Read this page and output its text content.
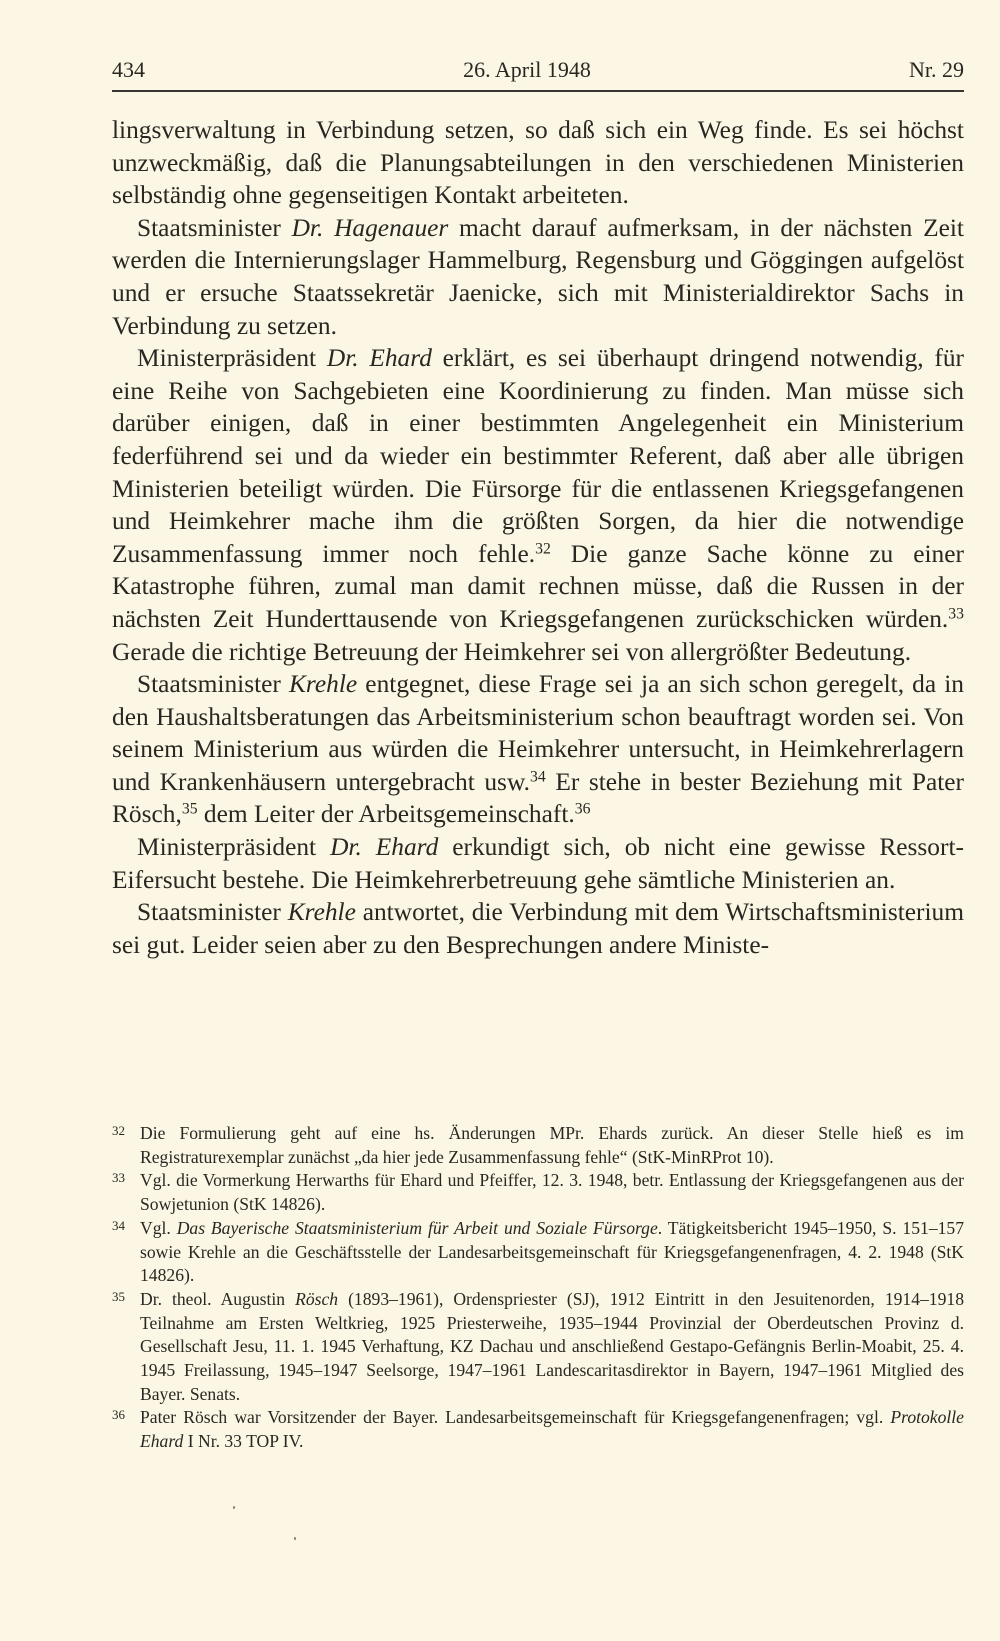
434	26. April 1948	Nr. 29

lingsverwaltung in Verbindung setzen, so daß sich ein Weg finde. Es sei höchst unzweckmäßig, daß die Planungsabteilungen in den verschiedenen Ministerien selbständig ohne gegenseitigen Kontakt arbeiteten.

Staatsminister Dr. Hagenauer macht darauf aufmerksam, in der nächsten Zeit werden die Internierungslager Hammelburg, Regensburg und Göggingen aufgelöst und er ersuche Staatssekretär Jaenicke, sich mit Ministerialdirektor Sachs in Verbindung zu setzen.

Ministerpräsident Dr. Ehard erklärt, es sei überhaupt dringend notwendig, für eine Reihe von Sachgebieten eine Koordinierung zu finden. Man müsse sich darüber einigen, daß in einer bestimmten Angelegenheit ein Ministerium federführend sei und da wieder ein bestimmter Referent, daß aber alle übrigen Ministerien beteiligt würden. Die Fürsorge für die entlassenen Kriegsgefangenen und Heimkehrer mache ihm die größten Sorgen, da hier die notwendige Zusammenfassung immer noch fehle.$^{32}$ Die ganze Sache könne zu einer Katastrophe führen, zumal man damit rechnen müsse, daß die Russen in der nächsten Zeit Hunderttausende von Kriegsgefangenen zurückschicken würden.$^{33}$ Gerade die richtige Betreuung der Heimkehrer sei von allergrößter Bedeutung.

Staatsminister Krehle entgegnet, diese Frage sei ja an sich schon geregelt, da in den Haushaltsberatungen das Arbeitsministerium schon beauftragt worden sei. Von seinem Ministerium aus würden die Heimkehrer untersucht, in Heimkehrerlagern und Krankenhäusern untergebracht usw.$^{34}$ Er stehe in bester Beziehung mit Pater Rösch,$^{35}$ dem Leiter der Arbeitsgemeinschaft.$^{36}$

Ministerpräsident Dr. Ehard erkundigt sich, ob nicht eine gewisse Ressort-Eifersucht bestehe. Die Heimkehrerbetreuung gehe sämtliche Ministerien an.

Staatsminister Krehle antwortet, die Verbindung mit dem Wirtschaftsministerium sei gut. Leider seien aber zu den Besprechungen andere Ministe-

32 Die Formulierung geht auf eine hs. Änderungen MPr. Ehards zurück. An dieser Stelle hieß es im Registraturexemplar zunächst „da hier jede Zusammenfassung fehle“ (StK-MinRProt 10).

33 Vgl. die Vormerkung Herwarths für Ehard und Pfeiffer, 12. 3. 1948, betr. Entlassung der Kriegsgefangenen aus der Sowjetunion (StK 14826).

34 Vgl. Das Bayerische Staatsministerium für Arbeit und Soziale Fürsorge. Tätigkeitsbericht 1945–1950, S. 151–157 sowie Krehle an die Geschäftsstelle der Landesarbeitsgemeinschaft für Kriegsgefangenenfragen, 4. 2. 1948 (StK 14826).

35 Dr. theol. Augustin Rösch (1893–1961), Ordenspriester (SJ), 1912 Eintritt in den Jesuitenorden, 1914–1918 Teilnahme am Ersten Weltkrieg, 1925 Priesterweihe, 1935–1944 Provinzial der Oberdeutschen Provinz d. Gesellschaft Jesu, 11. 1. 1945 Verhaftung, KZ Dachau und anschließend Gestapo-Gefängnis Berlin-Moabit, 25. 4. 1945 Freilassung, 1945–1947 Seelsorge, 1947–1961 Landescaritasdirektor in Bayern, 1947–1961 Mitglied des Bayer. Senats.

36 Pater Rösch war Vorsitzender der Bayer. Landesarbeitsgemeinschaft für Kriegsgefangenenfragen; vgl. Protokolle Ehard I Nr. 33 TOP IV.
